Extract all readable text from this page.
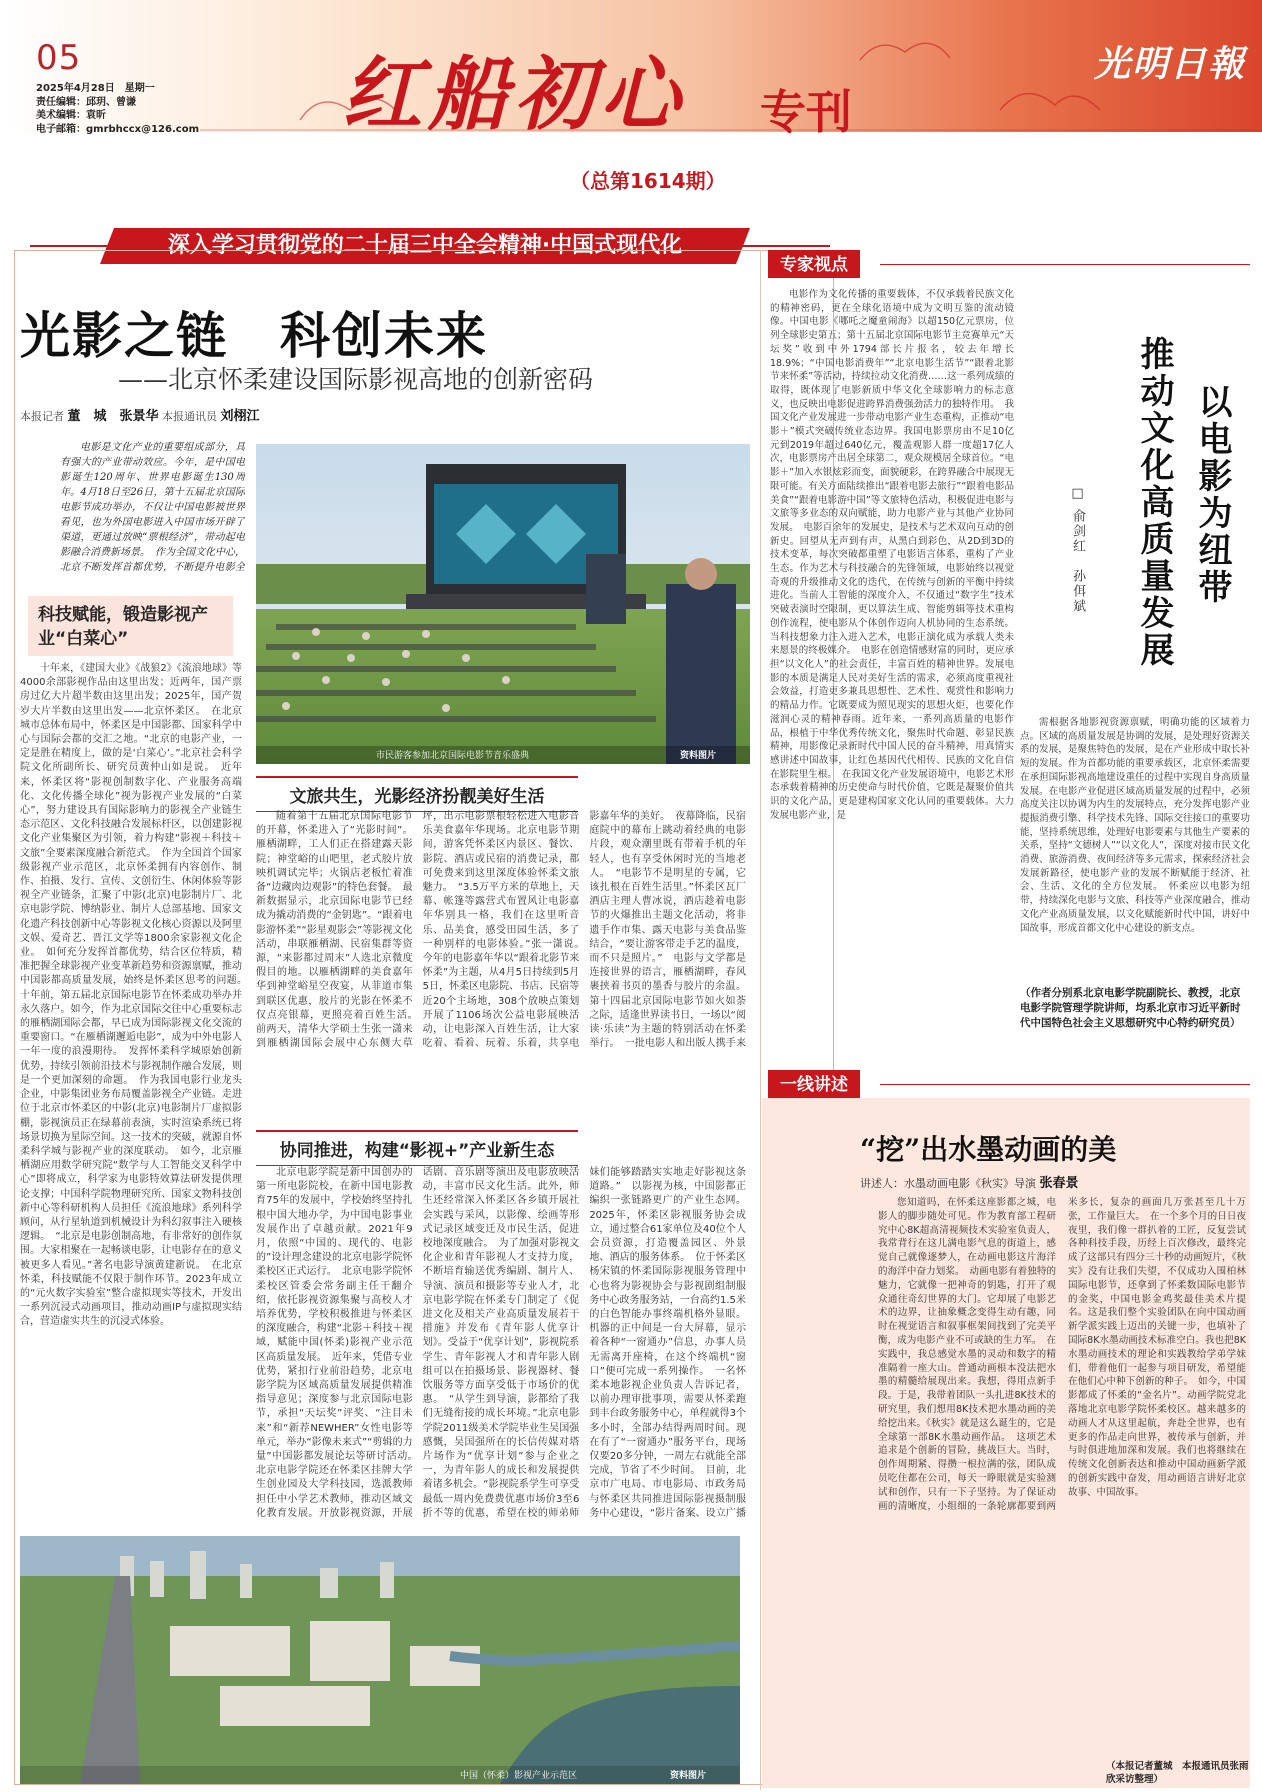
05
2025年4月28日　星期一
责任编辑：邱玥、曾谦
美术编辑：袁昕
电子邮箱：gmrbhccx@126.com 红船初心 专刊
光明日報
（总第1614期）
深入学习贯彻党的二十届三中全会精神·中国式现代化
光影之链　科创未来
——北京怀柔建设国际影视高地的创新密码
本报记者 董　城　张景华 本报通讯员 刘栩江

电影是文化产业的重要组成部分，具有强大的产业带动效应。今年，是中国电影诞生120周年、世界电影诞生130周年。4月18日至26日，第十五届北京国际电影节成功举办，不仅让中国电影被世界看见，也为外国电影进入中国市场开辟了渠道，更通过放映“票根经济”，带动起电影融合消费新场景。　作为全国文化中心，北京不断发挥首都优势，不断提升电影全

科技赋能，锻造影视产业“白菜心”

十年来，《建国大业》《战狼2》《流浪地球》等4000余部影视作品由这里出发；近两年，国产票房过亿大片超半数由这里出发；2025年，国产贺岁大片半数由这里出发——北京怀柔区。　在北京城市总体布局中，怀柔区是中国影都、国家科学中心与国际会都的交汇之地。“北京的电影产业，一定是胜在精度上，做的是‘白菜心’。”北京社会科学院文化所副所长、研究员黄仲山如是说。　近年来，怀柔区将“影视创制数字化、产业服务高端化、文化传播全球化”视为影视产业发展的“白菜心”，努力建设具有国际影响力的影视全产业链生态示范区、文化科技融合发展标杆区，以创建影视文化产业集聚区为引领，着力构建“影视＋科技＋文旅”全要素深度融合新范式。　作为全国首个国家级影视产业示范区，北京怀柔拥有内容创作、制作、拍摄、发行、宣传、文创衍生、休闲体验等影视全产业链条，汇聚了中影(北京)电影制片厂、北京电影学院、博纳影业、制片人总部基地、国家文化遗产科技创新中心等影视文化核心资源以及阿里文娱、爱奇艺、晋江文学等1800余家影视文化企业。　如何充分发挥首都优势，结合区位特质，精准把握全球影视产业变革新趋势和资源禀赋，推动中国影都高质量发展，始终是怀柔区思考的问题。　十年前，第五届北京国际电影节在怀柔成功举办并永久落户。如今，作为北京国际交往中心重要标志的雁栖湖国际会都，早已成为国际影视文化交流的重要窗口。“在雁栖湖邂逅电影”，成为中外电影人一年一度的浪漫期待。　发挥怀柔科学城原始创新优势，持续引领前沿技术与影视制作融合发展，则是一个更加深刻的命题。　作为我国电影行业龙头企业，中影集团业务布局覆盖影视全产业链。走进位于北京市怀柔区的中影(北京)电影制片厂虚拟影棚，影视演员正在绿幕前表演，实时渲染系统已将场景切换为星际空间。这一技术的突破，就源自怀柔科学城与影视产业的深度联动。　如今，北京雁栖湖应用数学研究院“数学与人工智能交叉科学中心”即将成立，科学家为电影特效算法研发提供理论支撑；中国科学院物理研究所、国家文物科技创新中心等科研机构人员担任《流浪地球》系列科学顾问，从行星轨道到机械设计为科幻叙事注入硬核逻辑。　“北京是电影创制高地，有非常好的创作氛围。大家相聚在一起畅谈电影，让电影存在的意义被更多人看见。”著名电影导演黄建新说。　在北京怀柔，科技赋能不仅限于制作环节。2023年成立的“元火数字实验室”整合虚拟现实等技术，开发出一系列沉浸式动画项目，推动动画IP与虚拟现实结合，营造虚实共生的沉浸式体验。

市民游客参加北京国际电影节音乐盛典	资料图片
文旅共生，光影经济扮靓美好生活

随着第十五届北京国际电影节的开幕，怀柔进入了“光影时间”。雁栖湖畔，工人们正在搭建露天影院；神堂峪的山吧里，老式胶片放映机调试完毕；火锅店老板忙着准备“边藏肉边观影”的特色套餐。　最新数据显示，北京国际电影节已经成为撬动消费的“金钥匙”。“跟着电影游怀柔”“影星观影会”等影视文化活动，串联雁栖湖、民宿集群等资源，“来影都过周末”人选北京微度假目的地。以雁栖湖畔的美食嘉年华到神堂峪星空夜宴，从菲道市集到联区优惠，胶片的光影在怀柔不仅点亮银幕，更照亮着百姓生活。　前两天，清华大学硕士生张一潇来到雁栖湖国际会展中心东侧大草坪，出示电影票根轻松进入电影音乐美食嘉年华现场。北京电影节期间，游客凭怀柔区内景区、餐饮、影院、酒店或民宿的消费记录，都可免费来到这里深度体验怀柔文旅魅力。　“3.5万平方米的草地上，天幕、帐篷等露营式布置风让电影嘉年华别具一格，我们在这里听音乐、品美食，感受田园生活，多了一种别样的电影体验。”张一潇说。　今年的电影嘉年华以“跟着北影节来怀柔”为主题，从4月5日持续到5月5日，怀柔区电影院、书店、民宿等近20个主场地，308个放映点策划开展了1106场次公益电影展映活动，让电影深入百姓生活，让大家吃着、看着、玩着、乐着，共享电影嘉年华的美好。　夜幕降临，民宿庭院中的幕布上跳动着经典的电影片段，观众潮里既有带着手机的年轻人，也有享受休闲时光的当地老人。　“电影节不是明星的专属，它该扎根在百姓生活里。”怀柔区瓦厂酒店主理人曹冰说，酒店趁着电影节的火爆推出主题文化活动，将非遗手作市集、露天电影与美食品鉴结合，“要让游客带走手艺的温度，而不只是照片。”　电影与文学都是连接世界的语言，雁栖湖畔，春风裹挟着书页的墨香与胶片的余温。第十四届北京国际电影节如火如荼之际，适逢世界读书日，一场以“阅读·乐读”为主题的特别活动在怀柔举行。　一批电影人和出版人携手来　

协同推进，构建“影视+”产业新生态

北京电影学院是新中国创办的第一所电影院校，在新中国电影教育75年的发展中，学校始终坚持扎根中国大地办学，为中国电影事业发展作出了卓越贡献。2021年9月，依照“中国的、现代的、电影的”设计理念建设的北京电影学院怀柔校区正式运行。　北京电影学院怀柔校区管委会常务副主任干翻介绍，依托影视资源集聚与高校人才培养优势，学校积极推进与怀柔区的深度融合，构建“北影＋科技＋视域，赋能中国(怀柔)影视产业示范区高质量发展。　近年来，凭借专业优势，紧扣行业前沿趋势，北京电影学院为区域高质量发展提供精准指导意见；深度参与北京国际电影节，承担“天坛奖”评奖、“注目未来”和“新荐NEWHER”女性电影等单元，举办“影像未来式”“剪辑的力量”中国影都发展论坛等研讨活动。　北京电影学院还在怀柔区挂牌大学生创业园及大学科技园，选派教师担任中小学艺术教师，推动区域文化教育发展。开放影视资源，开展话剧、音乐剧等演出及电影放映活动，丰富市民文化生活。此外，师生还经常深入怀柔区各乡镇开展社会实践与采风，以影像、绘画等形式记录区域变迁及市民生活，促进校地深度融合。　为了加强对影视文化企业和青年影视人才支持力度，不断培育输送优秀编剧、制片人、导演、演员和摄影等专业人才，北京电影学院在怀柔专门制定了《促进文化及相关产业高质量发展若干措施》并发布《青年影人优享计划》。受益于“优享计划”，影视院系学生、青年影视人才和青年影人剧组可以在拍摄场景、影视器材、餐饮服务等方面享受低于市场价的优惠。　“从学生到导演，影都给了我们无缝衔接的成长环境。”北京电影学院2011级美术学院毕业生吴国强感慨，吴国强所在的长信传媒对塔片场作为“优享计划”参与企业之一，为青年影人的成长和发展提供着诸多机会。“影视院系学生可享受最低一周内免费费优惠市场价3至6折不等的优惠，希望在校的师弟师妹们能够踏踏实实地走好影视这条道路。”　以影视为核，中国影都正编织一张链路更广的产业生态网。2025年，怀柔区影视服务协会成立，通过整合61家单位及40位个人会员资源，打造覆盖园区、外景地、酒店的服务体系。　位于怀柔区杨宋镇的怀柔国际影视服务管理中心也将为影视协会与影视剧组制服务中心政务服务站，一台高约1.5米的白色智能办事终端机格外显眼。机器的正中间是一台大屏幕，显示着各种“一窗通办”信息，办事人员无需离开座椅，在这个终端机“窗口”便可完成一系列操作。　一名怀柔本地影视企业负责人告诉记者，以前办理审批事项，需要从怀柔跑到丰台政务服务中心，单程就得3个多小时，全部办结得两周时间。现在有了“一窗通办”服务平台，现场仅要20多分钟，一周左右就能全部完成，节省了不少时间。　目前，北京市广电局、市电影局、市政务局与怀柔区共同推进国际影视摄制服务中心建设，“影片备案、设立广播　

中国（怀柔）影视产业示范区	资料图片
专家视点

电影作为文化传播的重要载体，不仅承载着民族文化的精神密码，更在全球化语境中成为文明互鉴的流动镜像。中国电影《哪吒之魔童闹海》以超150亿元票房，位列全球影史第五；第十五届北京国际电影节主竞赛单元“天坛奖”收到中外1794部长片报名，较去年增长18.9%；“中国电影消费年”“北京电影生活节”“跟着北影节来怀柔”等活动，持续拉动文化消费……这一系列成绩的取得，既体现了电影新质中华文化全球影响力的标志意义，也反映出电影促进跨界消费强劲活力的独特作用。　我国文化产业发展进一步带动电影产业生态重构，正推动“电影＋”模式突破传统业态边界。我国电影票房由不足10亿元到2019年超过640亿元，覆盖观影人群一度超17亿人次，电影票房产出居全球第二，观众规模居全球首位。“电影＋”加入水银炫彩而变，面貌硬彩，在跨界融合中展现无限可能。有关方面陆续推出“跟着电影去旅行”“跟着电影品美食”“跟着电影游中国”等文旅特色活动，积极促进电影与文旅等多业态的双向赋能，助力电影产业与其他产业协同发展。　电影百余年的发展史，是技术与艺术双向互动的创新史。回望从无声到有声，从黑白到彩色，从2D到3D的技术变革，每次突破都重塑了电影语言体系，重构了产业生态。作为艺术与科技融合的先锋领域，电影始终以视觉奇观的升级推动文化的迭代，在传统与创新的平衡中持续进化。当前人工智能的深度介入，不仅通过“数字生”技术突破表演时空限制，更以算法生成、智能剪辑等技术重构创作流程，使电影从个体创作迈向人机协同的生态系统。当科技想象力注入进入艺术，电影正演化成为承载人类未来愿景的终极媒介。　电影在创造情感财富的同时，更应承担“以文化人”的社会责任，丰富百姓的精神世界。发展电影的本质是满足人民对美好生活的需求，必须高度重视社会效益，打造更多兼具思想性、艺术性、观赏性和影响力的精品力作。它既要成为照见现实的思想火炬，也要化作滋润心灵的精神春雨。近年来，一系列高质量的电影作品，根植于中华优秀传统文化，聚焦时代命题、彰显民族精神，用影像记录新时代中国人民的奋斗精神，用真情实感讲述中国故事，让红色基因代代相传、民族的文化自信在影院里生根。　在我国文化产业发展语境中，电影艺术形态承载着精神的历史使命与时代价值，它既是凝聚价值共识的文化产品，更是建构国家文化认同的重要载体。大力发展电影产业，是

以电影为纽带
推动文化高质量发展
□ 俞剑红　孙佴斌

需根据各地影视资源禀赋，明确功能的区域着力点。区域的高质量发展是协调的发展，是处理好资源关系的发展，是聚焦特色的发展，是在产业形成中取长补短的发展。作为首都功能的重要承载区，北京怀柔需要在承担国际影视高地建设重任的过程中实现自身高质量发展。在电影产业促进区域高质量发展的过程中，必须高度关注以协调为内生的发展特点，充分发挥电影产业提振消费引擎、科学技术先锋、国际交往接口的重要功能，坚持系统思维，处理好电影要素与其他生产要素的关系，坚持“文德树人”“以文化人”，深度对接市民文化消费、旅游消费、夜间经济等多元需求，探索经济社会发展新路径，使电影产业的发展不断赋能于经济、社会、生活、文化的全方位发展。　怀柔应以电影为纽带，持续深化电影与文旅、科技等产业深度融合，推动文化产业高质量发展，以文化赋能新时代中国，讲好中国故事，形成首都文化中心建设的新支点。

（作者分别系北京电影学院副院长、教授，北京电影学院管理学院讲师，均系北京市习近平新时代中国特色社会主义思想研究中心特约研究员）
一线讲述
“挖”出水墨动画的美
讲述人：水墨动画电影《秋实》导演 张春景

您知道吗，在怀柔这座影都之城，电影人的脚步随处可见。作为教育部工程研究中心8K超高清视频技术实验室负责人，我常背行在这儿满电影气息的街道上，感觉自己就像逐梦人，在动画电影这片海洋的海洋中奋力划桨。　动画电影有着独特的魅力，它就像一把神奇的钥匙，打开了观众通往奇幻世界的大门。它却展了电影艺术的边界，让抽象概念变得生动有趣，同时在视觉语言和叙事框架间找到了完美平衡，成为电影产业不可或缺的生力军。　在实践中，我总感觉水墨的灵动和数字的精准隔着一座大山。普通动画根本没法把水墨的精髓给展现出来。我想，得用点新手段。于是，我带着团队一头扎进8K技术的研究里，我们想用8K技术把水墨动画的美给挖出来。《秋实》就是这么诞生的，它是全球第一部8K水墨动画作品。　这项艺术追求是个创新的冒险，挑战巨大。当时，创作周期紧、得攒一根拉满的弦，团队成员吃住都在公司，每天一睁眼就是实验测试和创作，只有一下子坚持。为了保证动画的清晰度，小组细的一条轮廓都要到两米多长，复杂的画面几万张甚至几十万张，工作量巨大。　在一个多个月的日日夜夜里，我们像一群扒着的工匠，反复尝试各种科技手段，历经上百次修改，最终完成了这部只有四分三十秒的动画短片，《秋实》没有让我们失望，不仅成功入围柏林国际电影节，还拿到了怀柔数国际电影节的金奖，中国电影金鸡奖最佳美术片提名。这是我们整个实验团队在向中国动画新学派实践上迈出的关键一步，也填补了国际8K水墨动画技术标准空白。我也把8K水墨动画技术的理论和实践教给学弟学妹们，带着他们一起参与项目研发，希望能在他们心中种下创新的种子。　如今，中国影都成了怀柔的“金名片”。动画学院党北落地北京电影学院怀柔校区。越来越多的动画人才从这里起航，奔赴全世界，也有更多的作品走向世界，被传承与创新，并与时俱进地加深和发展。我们也将继续在传统文化创新表达和推动中国动画新学派的创新实践中奋发，用动画语言讲好北京故事、中国故事。

（本报记者董城　本报通讯员张雨欣采访整理）
